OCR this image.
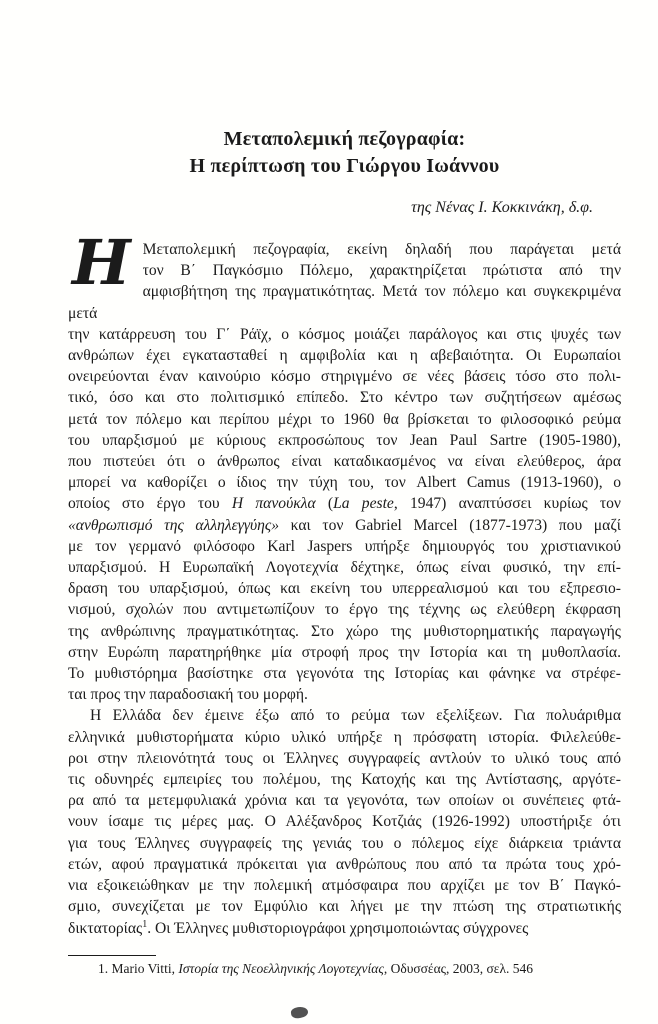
Μεταπολεμική πεζογραφία:
Η περίπτωση του Γιώργου Ιωάννου
της Νένας Ι. Κοκκινάκη, δ.φ.
Η Μεταπολεμική πεζογραφία, εκείνη δηλαδή που παράγεται μετά
τον Β΄ Παγκόσμιο Πόλεμο, χαρακτηρίζεται πρώτιστα από την
αμφισβήτηση της πραγματικότητας. Μετά τον πόλεμο και συγκεκριμένα μετά
την κατάρρευση του Γ΄ Ράϊχ, ο κόσμος μοιάζει παράλογος και στις ψυχές των
ανθρώπων έχει εγκατασταθεί η αμφιβολία και η αβεβαιότητα. Οι Ευρωπαίοι
ονειρεύονται έναν καινούριο κόσμο στηριγμένο σε νέες βάσεις τόσο στο πολι-
τικό, όσο και στο πολιτισμικό επίπεδο. Στο κέντρο των συζητήσεων αμέσως
μετά τον πόλεμο και περίπου μέχρι το 1960 θα βρίσκεται το φιλοσοφικό ρεύμα
του υπαρξισμού με κύριους εκπροσώπους τον Jean Paul Sartre (1905-1980),
που πιστεύει ότι ο άνθρωπος είναι καταδικασμένος να είναι ελεύθερος, άρα
μπορεί να καθορίζει ο ίδιος την τύχη του, τον Albert Camus (1913-1960), ο
οποίος στο έργο του Η πανούκλα (La peste, 1947) αναπτύσσει κυρίως τον
«ανθρωπισμό της αλληλεγγύης» και τον Gabriel Marcel (1877-1973) που μαζί
με τον γερμανό φιλόσοφο Karl Jaspers υπήρξε δημιουργός του χριστιανικού
υπαρξισμού. Η Ευρωπαϊκή Λογοτεχνία δέχτηκε, όπως είναι φυσικό, την επί-
δραση του υπαρξισμού, όπως και εκείνη του υπερρεαλισμού και του εξπρεσιο-
νισμού, σχολών που αντιμετωπίζουν το έργο της τέχνης ως ελεύθερη έκφραση
της ανθρώπινης πραγματικότητας. Στο χώρο της μυθιστορηματικής παραγωγής
στην Ευρώπη παρατηρήθηκε μία στροφή προς την Ιστορία και τη μυθοπλασία.
Το μυθιστόρημα βασίστηκε στα γεγονότα της Ιστορίας και φάνηκε να στρέφε-
ται προς την παραδοσιακή του μορφή.
Η Ελλάδα δεν έμεινε έξω από το ρεύμα των εξελίξεων. Για πολυάριθμα
ελληνικά μυθιστορήματα κύριο υλικό υπήρξε η πρόσφατη ιστορία. Φιλελεύθε-
ροι στην πλειονότητά τους οι Έλληνες συγγραφείς αντλούν το υλικό τους από
τις οδυνηρές εμπειρίες του πολέμου, της Κατοχής και της Αντίστασης, αργότε-
ρα από τα μετεμφυλιακά χρόνια και τα γεγονότα, των οποίων οι συνέπειες φτά-
νουν ίσαμε τις μέρες μας. Ο Αλέξανδρος Κοτζιάς (1926-1992) υποστήριξε ότι
για τους Έλληνες συγγραφείς της γενιάς του ο πόλεμος είχε διάρκεια τριάντα
ετών, αφού πραγματικά πρόκειται για ανθρώπους που από τα πρώτα τους χρό-
νια εξοικειώθηκαν με την πολεμική ατμόσφαιρα που αρχίζει με τον Β΄ Παγκό-
σμιο, συνεχίζεται με τον Εμφύλιο και λήγει με την πτώση της στρατιωτικής
δικτατορίας$^1$. Οι Έλληνες μυθιστοριογράφοι χρησιμοποιώντας σύγχρονες
1. Mario Vitti, Ιστορία της Νεοελληνικής Λογοτεχνίας, Οδυσσέας, 2003, σελ. 546
